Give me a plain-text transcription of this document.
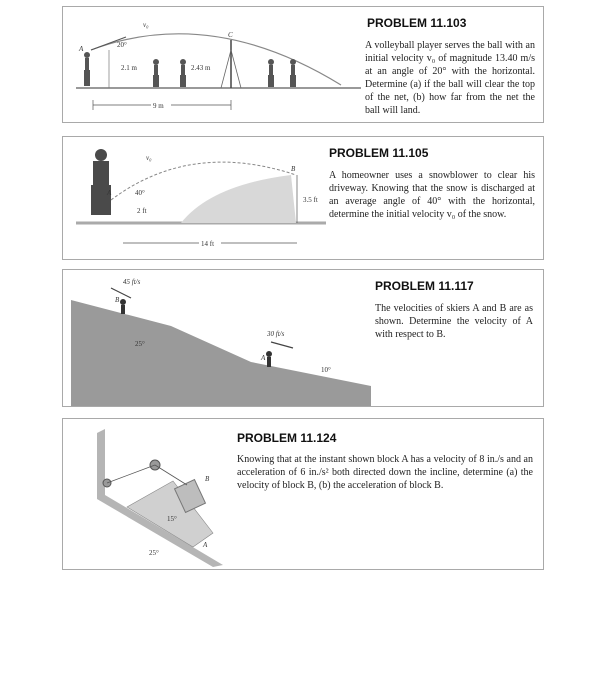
v₀
20°
A
2.1 m
C
2.43 m
9 m
PROBLEM 11.103

A volleyball player serves the ball with an initial velocity v₀ of magnitude 13.40 m/s at an angle of 20° with the horizontal. Determine (a) if the ball will clear the top of the net, (b) how far from the net the ball will land.

v₀
A	40°
2 ft
B
3.5 ft
14 ft
PROBLEM 11.105

A homeowner uses a snowblower to clear his driveway. Knowing that the snow is discharged at an average angle of 40° with the horizontal, determine the initial velocity v₀ of the snow.

B
45 ft/s
25°
A
30 ft/s
10°
PROBLEM 11.117

The velocities of skiers A and B are as shown. Determine the velocity of A with respect to B.

B
15°
A
25°
PROBLEM 11.124

Knowing that at the instant shown block A has a velocity of 8 in./s and an acceleration of 6 in./s² both directed down the incline, determine (a) the velocity of block B, (b) the acceleration of block B.
